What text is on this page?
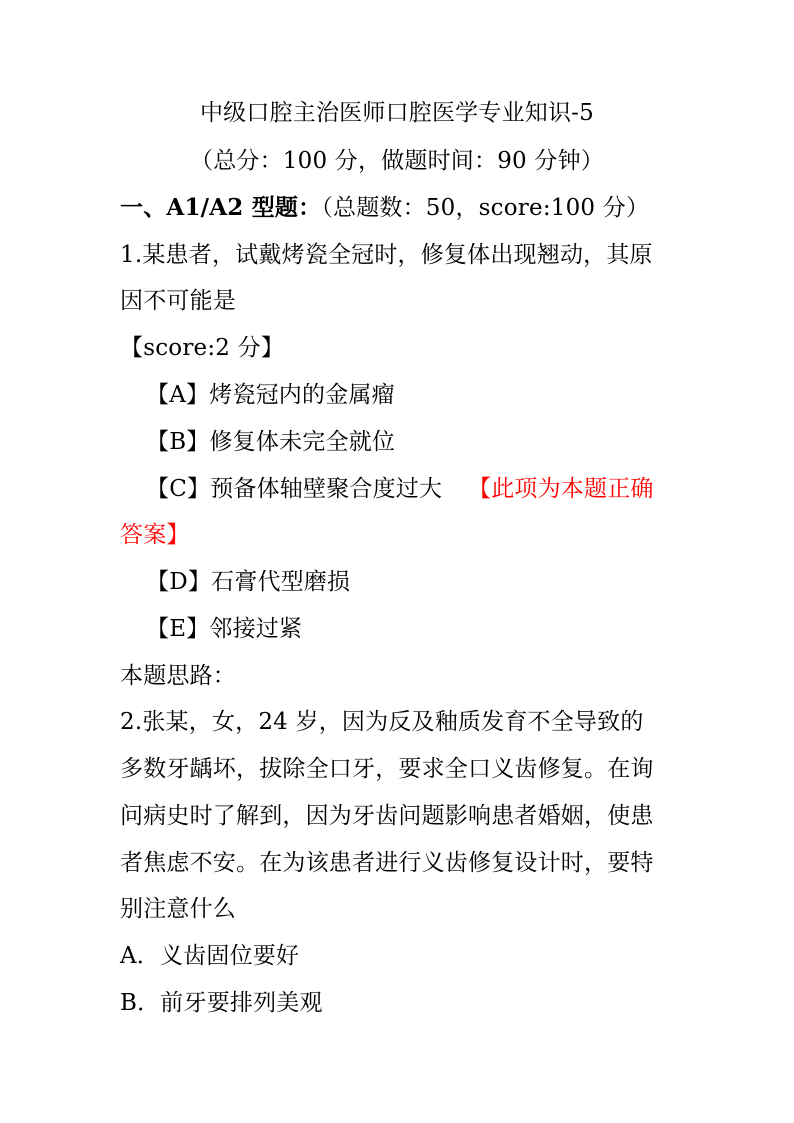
中级口腔主治医师口腔医学专业知识-5
（总分：100 分，做题时间：90 分钟）
一、A1/A2 型题：（总题数：50，score:100 分）
1.某患者，试戴烤瓷全冠时，修复体出现翘动，其原
因不可能是
【score:2 分】
【A】烤瓷冠内的金属瘤
【B】修复体未完全就位
【C】预备体轴壁聚合度过大 【此项为本题正确
答案】
【D】石膏代型磨损
【E】邻接过紧
本题思路：
2.张某，女，24 岁，因为反及釉质发育不全导致的
多数牙龋坏，拔除全口牙，要求全口义齿修复。在询
问病史时了解到，因为牙齿问题影响患者婚姻，使患
者焦虑不安。在为该患者进行义齿修复设计时，要特
别注意什么
A．义齿固位要好
B．前牙要排列美观
